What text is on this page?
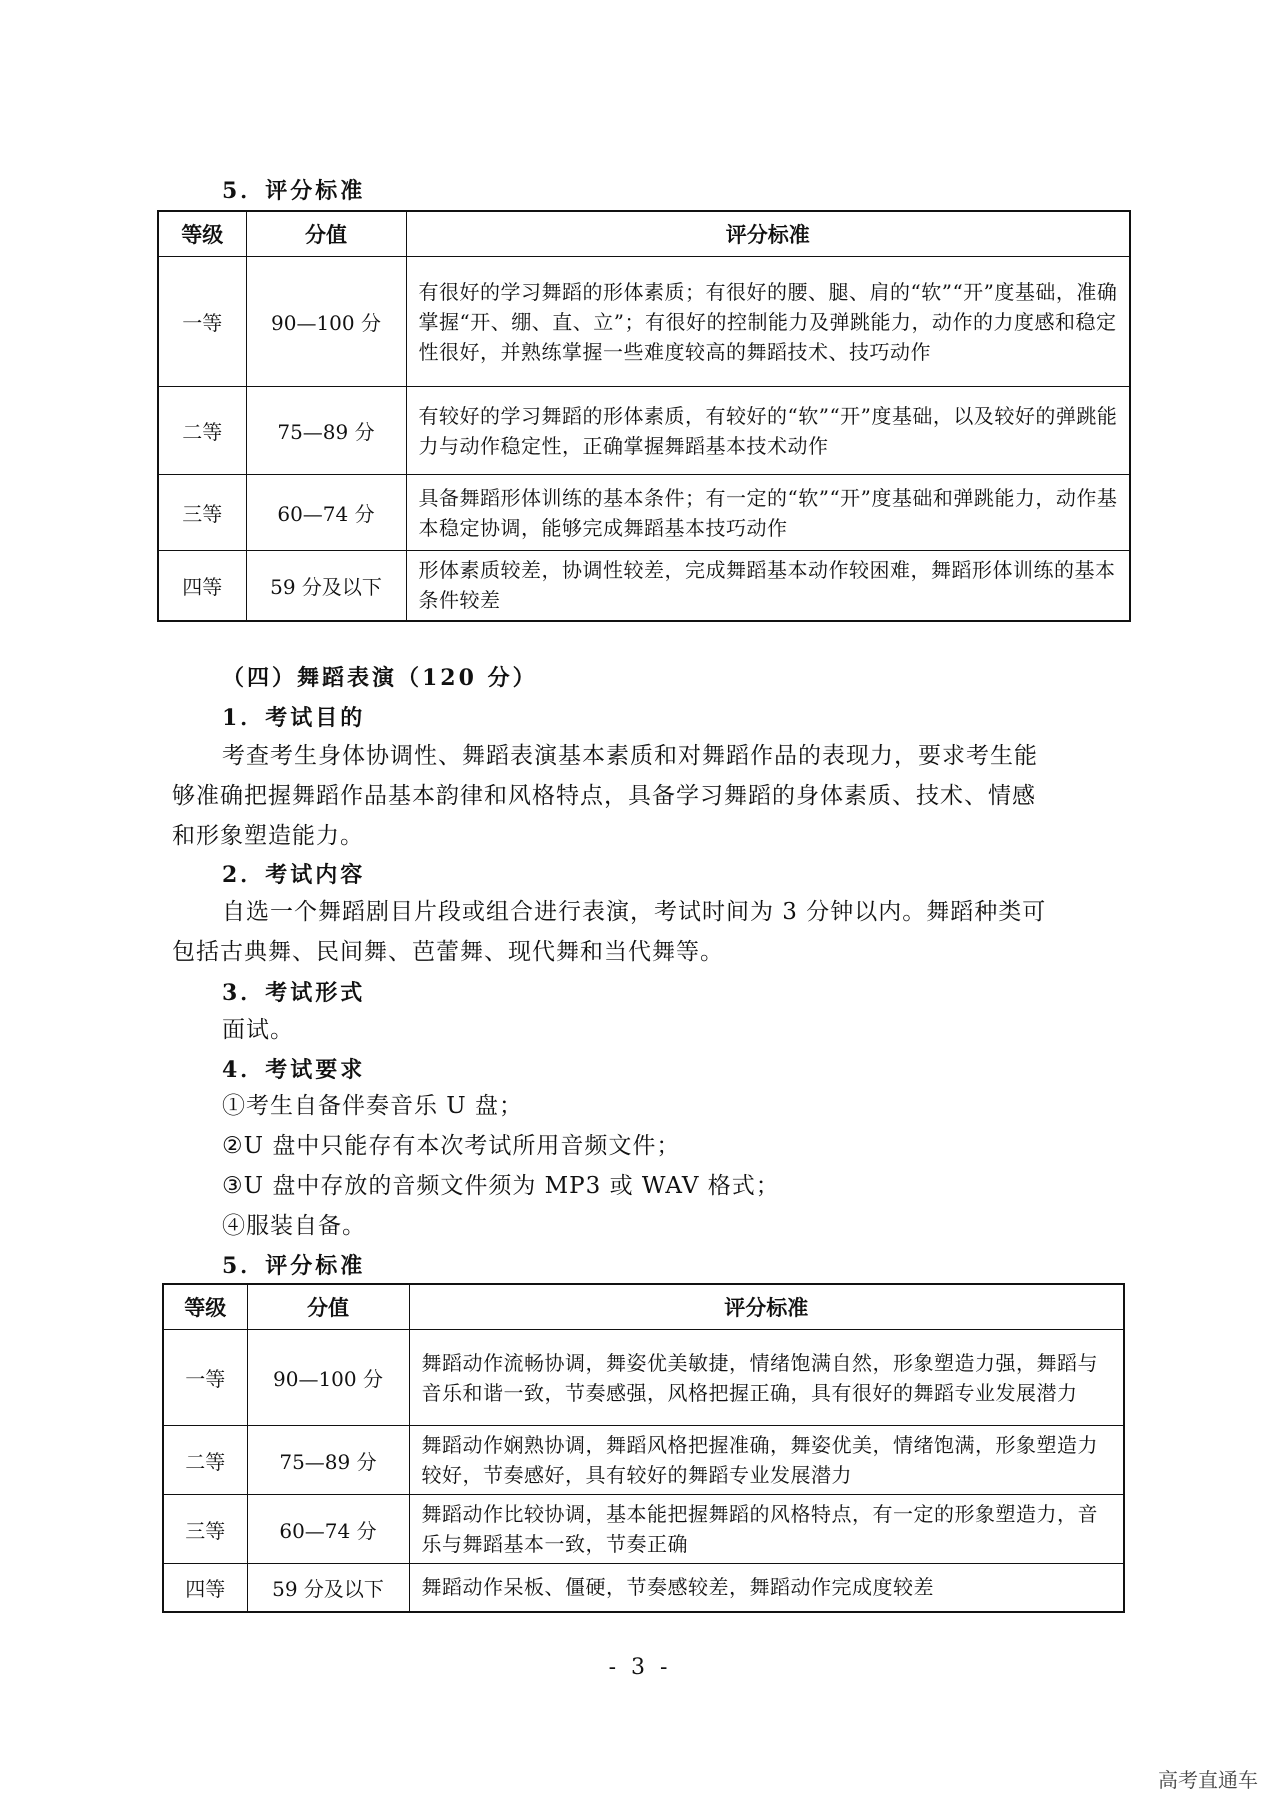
5．评分标准
等级	分值	评分标准
一等	90—100 分	有很好的学习舞蹈的形体素质；有很好的腰、腿、肩的“软”“开”度基础，准确掌握“开、绷、直、立”；有很好的控制能力及弹跳能力，动作的力度感和稳定性很好，并熟练掌握一些难度较高的舞蹈技术、技巧动作
二等	75—89 分	有较好的学习舞蹈的形体素质，有较好的“软”“开”度基础，以及较好的弹跳能力与动作稳定性，正确掌握舞蹈基本技术动作
三等	60—74 分	具备舞蹈形体训练的基本条件；有一定的“软”“开”度基础和弹跳能力，动作基本稳定协调，能够完成舞蹈基本技巧动作
四等	59 分及以下	形体素质较差，协调性较差，完成舞蹈基本动作较困难，舞蹈形体训练的基本条件较差
（四）舞蹈表演（120 分）
1．考试目的
考查考生身体协调性、舞蹈表演基本素质和对舞蹈作品的表现力，要求考生能
够准确把握舞蹈作品基本韵律和风格特点，具备学习舞蹈的身体素质、技术、情感
和形象塑造能力。
2．考试内容
自选一个舞蹈剧目片段或组合进行表演，考试时间为 3 分钟以内。舞蹈种类可
包括古典舞、民间舞、芭蕾舞、现代舞和当代舞等。
3．考试形式
面试。
4．考试要求
①考生自备伴奏音乐 U 盘；
②U 盘中只能存有本次考试所用音频文件；
③U 盘中存放的音频文件须为 MP3 或 WAV 格式；
④服装自备。
5．评分标准
等级	分值	评分标准
一等	90—100 分	舞蹈动作流畅协调，舞姿优美敏捷，情绪饱满自然，形象塑造力强，舞蹈与音乐和谐一致，节奏感强，风格把握正确，具有很好的舞蹈专业发展潜力
二等	75—89 分	舞蹈动作娴熟协调，舞蹈风格把握准确，舞姿优美，情绪饱满，形象塑造力较好，节奏感好，具有较好的舞蹈专业发展潜力
三等	60—74 分	舞蹈动作比较协调，基本能把握舞蹈的风格特点，有一定的形象塑造力，音乐与舞蹈基本一致，节奏正确
四等	59 分及以下	舞蹈动作呆板、僵硬，节奏感较差，舞蹈动作完成度较差
- 3 -
高考直通车
